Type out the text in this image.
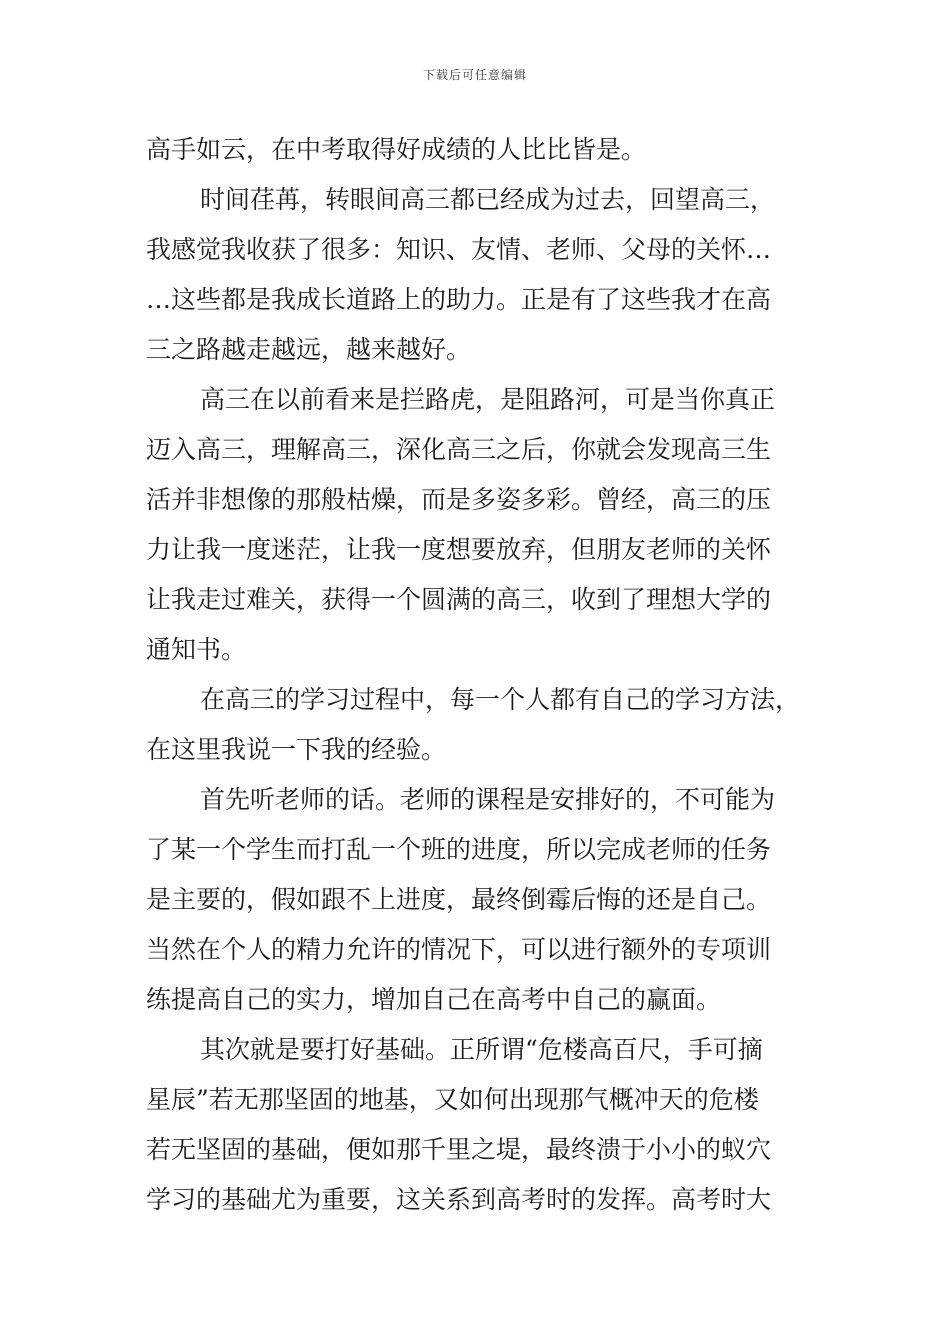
下载后可任意编辑
高手如云，在中考取得好成绩的人比比皆是。
时间荏苒，转眼间高三都已经成为过去，回望高三，
我感觉我收获了很多：知识、友情、老师、父母的关怀…
…这些都是我成长道路上的助力。正是有了这些我才在高
三之路越走越远，越来越好。
高三在以前看来是拦路虎，是阻路河，可是当你真正
迈入高三，理解高三，深化高三之后，你就会发现高三生
活并非想像的那般枯燥，而是多姿多彩。曾经，高三的压
力让我一度迷茫，让我一度想要放弃，但朋友老师的关怀
让我走过难关，获得一个圆满的高三，收到了理想大学的
通知书。
在高三的学习过程中，每一个人都有自己的学习方法，
在这里我说一下我的经验。
首先听老师的话。老师的课程是安排好的，不可能为
了某一个学生而打乱一个班的进度，所以完成老师的任务
是主要的，假如跟不上进度，最终倒霉后悔的还是自己。
当然在个人的精力允许的情况下，可以进行额外的专项训
练提高自己的实力，增加自己在高考中自己的赢面。
其次就是要打好基础。正所谓“危楼高百尺，手可摘
星辰”若无那坚固的地基，又如何出现那气概冲天的危楼
若无坚固的基础，便如那千里之堤，最终溃于小小的蚁穴
学习的基础尤为重要，这关系到高考时的发挥。高考时大
